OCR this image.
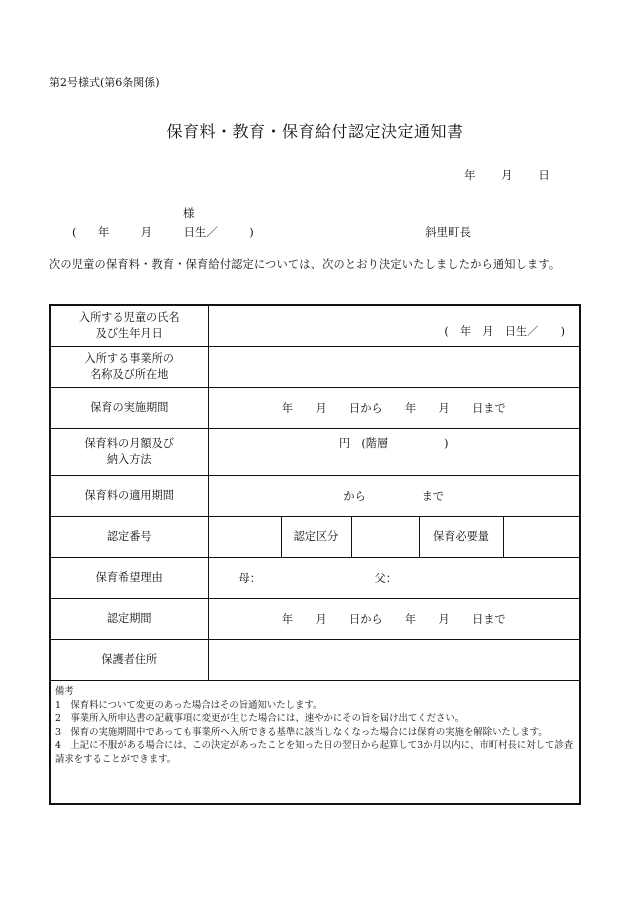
第2号様式(第6条関係)
保育料・教育・保育給付認定決定通知書
年 月 日
様
( 年	月	日生／	)	斜里町長
次の児童の保育料・教育・保育給付認定については、次のとおり決定いたしましたから通知します。
入所する児童の氏名
及び生年月日	(　年　月　日生／　　)				

入所する事業所の
名称及び所在地					

保育の実施期間	年　　月　　日から　　年　　月　　日まで				

保育料の月額及び
納入方法	円　(階層　　　　　)				
保育料の適用期間	から　　　　　まで				
認定番号		認定区分		保育必要量	
保育希望理由	母： 父：				

認定期間	年　　月　　日から　　年　　月　　日まで				
保護者住所					

備考
1　保育料について変更のあった場合はその旨通知いたします。
2　事業所入所申込書の記載事項に変更が生じた場合には、速やかにその旨を届け出てください。
3　保育の実施期間中であっても事業所へ入所できる基準に該当しなくなった場合には保育の実施を解除いたします。
4　上記に不服がある場合には、この決定があったことを知った日の翌日から起算して3か月以内に、市町村長に対して診査請求をすることができます。					
